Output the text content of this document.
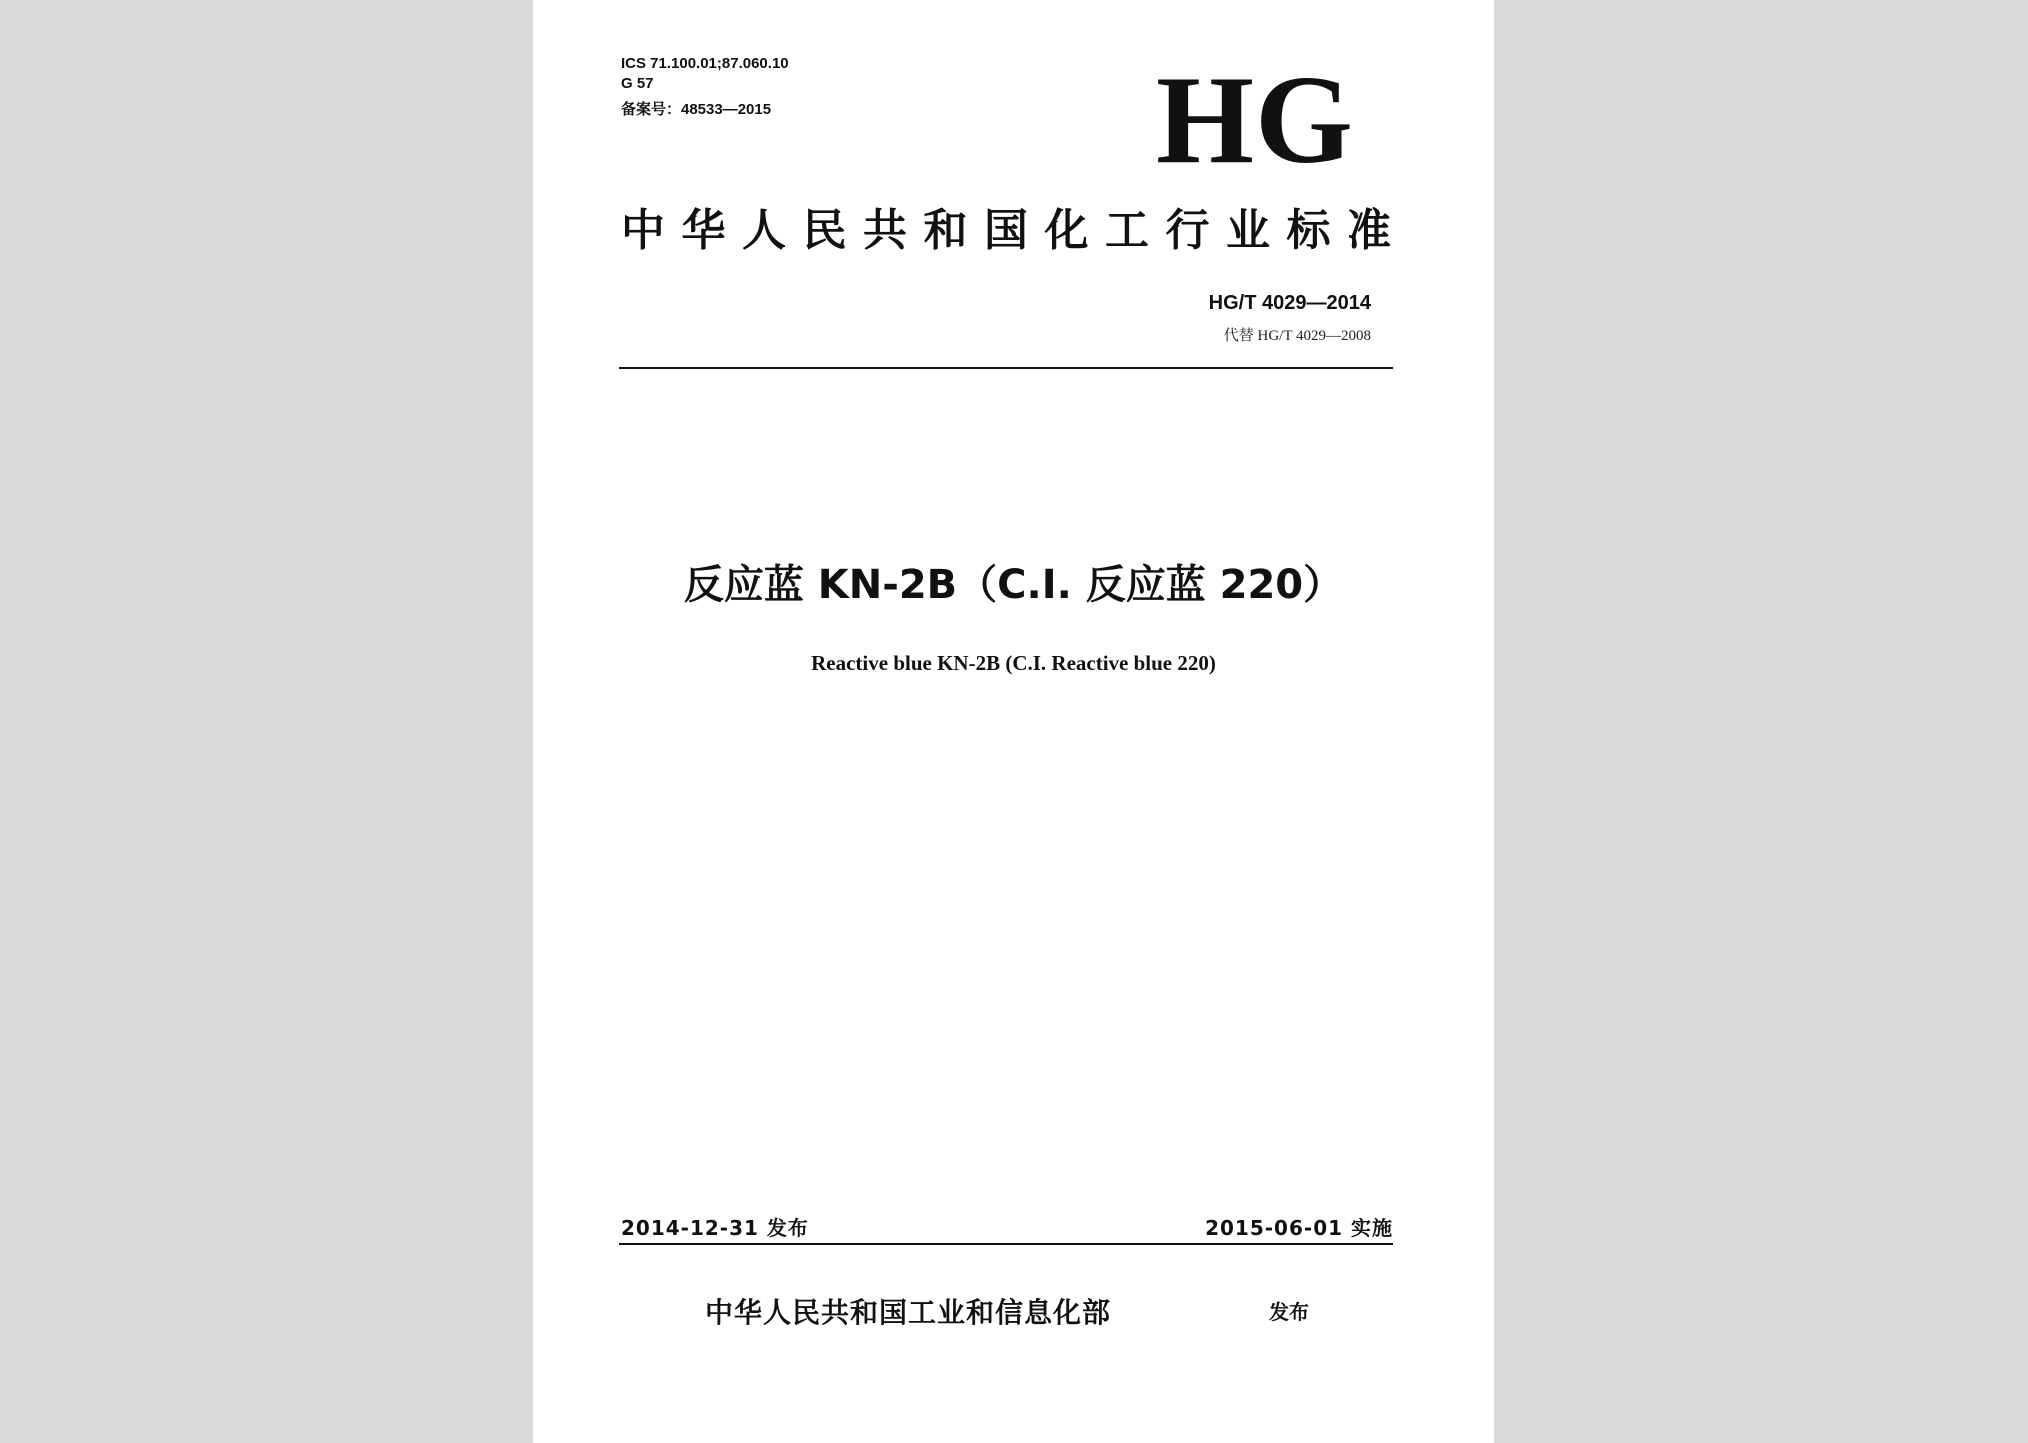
ICS 71.100.01;87.060.10
G 57
备案号：48533—2015	HG
中华人民共和国化工行业标准
HG/T 4029—2014
代替 HG/T 4029—2008
反应蓝 KN-2B（C.I. 反应蓝 220）
Reactive blue KN-2B (C.I. Reactive blue 220)
2014-12-31 发布	2015-06-01 实施
中华人民共和国工业和信息化部	发布
